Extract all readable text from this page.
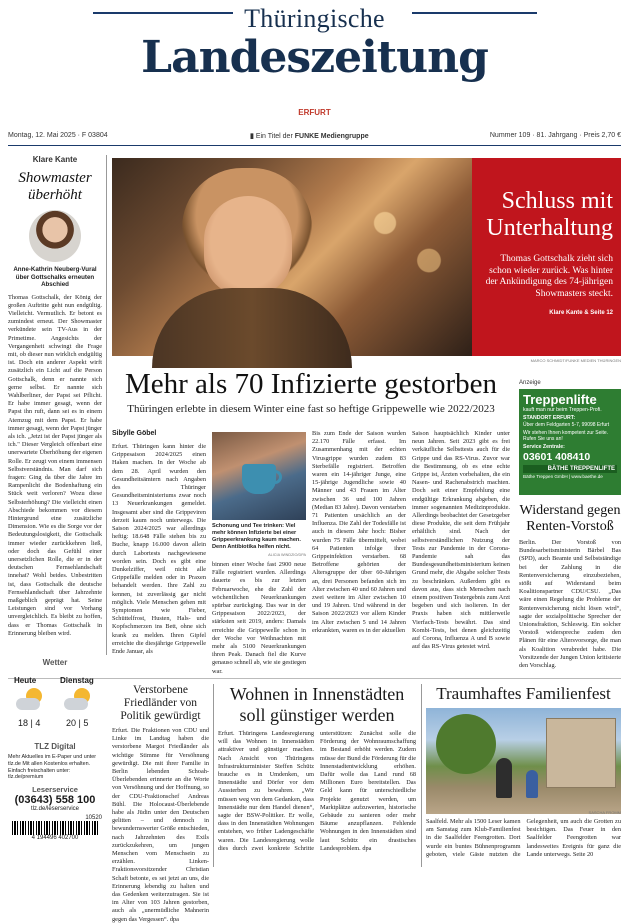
Thüringische
Landeszeitung
ERFURT
Montag, 12. Mai 2025 · F 03804	▮ Ein Titel der FUNKE Mediengruppe	Nummer 109 · 81. Jahrgang · Preis 2,70 €
Klare Kante
Showmaster überhöht
Anne-Kathrin Neuberg-Vural über Gottschalks erneuten Abschied
Thomas Gottschalk, der König der großen Auftritte geht nun endgültig. Vielleicht. Vermutlich. Er betont es zumindest erneut. Der Showmaster verkündete sein TV-Aus in der Primetime. Angesichts der Vergangenheit schwingt die Frage mit, ob dieser nun wirklich endgültig ist. Doch ein anderer Aspekt wirft zusätzlich ein Licht auf die Person Gottschalk, denn er nannte sich gerne selbst. Er nannte sich Wahlberliner, der Papst sei Pflicht. Er habe immer gesagt, wenn der Papst ihn ruft, dann sei es in einem Atemzug mit dem Papst. Er habe immer gesagt, wenn der Papst jünger als ich. „Jetzt ist der Papst jünger als ich." Dieser Vergleich offenbart eine unerwartete Überhöhung der eigenen Rolle. Er zeugt von einem immensen Selbstverständnis. Man darf sich fragen: Ging da über die Jahre im Rampenlicht die Bodenhaftung ein Stück weit verloren? Wozu diese Selbsterhöhung? Die vielleicht einen Abschiede bekommen vor diesem Hintergrund eine zusätzliche Dimension. Wie es die Sorge vor der Bedeutungslosigkeit, die Gottschalk immer wieder zurückkehren ließ, oder doch das Gefühl einer unersetzlichen Rolle, die er in der deutschen Fernsehlandschaft innehat? Wohl beides. Unbestritten ist, dass Gottschalk die deutsche Fernsehlandschaft über Jahrzehnte maßgeblich geprägt hat. Seine Leistungen sind vor Vorhang unvergleichlich. Es bleibt zu hoffen, dass er Thomas Gottschalk in Erinnerung bleiben wird.
Schluss mit Unterhaltung
Thomas Gottschalk zieht sich schon wieder zurück. Was hinter der Ankündigung des 74-jährigen Showmasters steckt.
Klare Kante & Seite 12
MARCO SCHMIDT/FUNKE MEDIEN THÜRINGEN
Mehr als 70 Infizierte gestorben
Thüringen erlebte in diesem Winter eine fast so heftige Grippewelle wie 2022/2023
Sibylle Göbel
Erfurt. Thüringen kann hinter die Grippesaison 2024/2025 einen Haken machen. In der Woche ab dem 28. April wurden den Gesundheitsämtern nach Angaben des Thüringer Gesundheitsministeriums zwar noch 13 Neuerkrankungen gemeldet. Insgesamt aber sind die Grippeviren derzeit kaum noch unterwegs. Die Saison 2024/2025 war allerdings heftig: 18.648 Fälle stehen bis zu Buche, knapp 16.000 davon allein durch Labortests nachgewiesene worden sein. Doch es gibt eine Dunkelziffer, weil nicht alle Grippefälle melden oder in Praxen behandelt werden. Ihre Zahl zu kennen, ist zuverlässig gar nicht möglich. Viele Menschen gehen mit Symptomen wie Fieber, Schüttelfrost, Husten, Hals- und Kopfschmerzen ins Bett, ohne sich krank zu melden. Ihren Gipfel erreichte die diesjährige Grippewelle Ende Januar, als
Schonung und Tee trinken: Viel mehr können Infizierte bei einer Grippeerkrankung kaum machen. Denn Antibiotika helfen nicht.
ALICIA WINDZIO/DPA
binnen einer Woche fast 2900 neue Fälle registriert wurden. Allerdings dauerte es bis zur letzten Februarwoche, ehe die Zahl der wöchentlichen Neuerkrankungen spürbar zurückging. Das war in der Grippesaison 2022/2023, der stärksten seit 2019, anders: Damals erreichte die Grippewelle schon in der Woche vor Weihnachten mit mehr als 5100 Neuerkrankungen ihren Peak. Danach fiel die Kurve genauso schnell ab, wie sie gestiegen war.
Bis zum Ende der Saison wurden 22.170 Fälle erfasst. Im Zusammenhang mit der echten Virusgrippe wurden zudem 83 Sterbefälle registriert. Betroffen waren ein 14-jähriger Junge, eine 15-jährige Jugendliche sowie 40 Männer und 43 Frauen im Alter zwischen 36 und 100 Jahren (Median 83 Jahre). Davon verstarben 71 Patienten ursächlich an der Influenza. Die Zahl der Todesfälle ist auch in diesem Jahr hoch: Bisher wurden 75 Fälle übermittelt, wobei 64 Patienten infolge ihrer Grippeinfektion verstarben. 68 Betroffene gehörten der Altersgruppe der über 60-Jährigen an, drei Personen befanden sich im Alter zwischen 40 und 60 Jahren und zwei weitere im Alter zwischen 10 und 19 Jahren. Und während in der Saison 2022/2023 vor allem Kinder im Alter zwischen 5 und 14 Jahren erkrankten, waren es in der aktuellen
Saison hauptsächlich Kinder unter neun Jahren. Seit 2023 gibt es frei verkäufliche Selbsttests auch für die Grippe und das RS-Virus. Zuvor war die Bestimmung, ob es eine echte Grippe ist, Ärzten vorbehalten, die ein Nasen- und Rachenabstrich machten. Doch seit einer Empfehlung eine endgültige Erkrankung abgeben, die immer sogenannten Medizinprodukte. Allerdings beobachtet der Gesetzgeber diese Produkte, die seit dem Frühjahr erhältlich sind. Nach der selbstverständlichen Nutzung der Tests zur Pandemie in der Corona-Pandemie sah das Bundesgesundheitsministerium keinen Grund mehr, die Abgabe solcher Tests zu beschränken. Außerdem gibt es davon aus, dass sich Menschen nach einem positiven Testergebnis zum Arzt begeben und sich isolieren. In der Praxis haben sich mittlerweile Vierfach-Tests bewährt. Das sind Kombi-Tests, bei denen gleichzeitig auf Corona, Influenza A und B sowie auf das RS-Virus getestet wird.
Anzeige
Treppenlifte
kauft man nur beim Treppen-Profi.
STANDORT ERFURT:
Über dem Feldgarten 5-7, 99098 Erfurt
Wir stehen Ihnen kompetent zur Seite. Rufen Sie uns an!
Service Zentrale:
03601 408410
BÄTHE TREPPENLIFTE
Bäthe Treppen GmbH | www.baethe.de
Widerstand gegen Renten-Vorstoß
Berlin. Der Vorstoß von Bundesarbeitsministerin Bärbel Bas (SPD), auch Beamte und Selbstständige bei der Zahlung in die Rentenversicherung einzubeziehen, stößt auf Widerstand beim Koalitionspartner CDU/CSU. „Das wäre einen Regelung die Probleme der Rentenversicherung nicht lösen wird“, sagte der sozialpolitische Sprecher der Unionsfraktion, Schleswig. Ein solcher Vorstoß widerspreche zudem den Plänen für eine Altersvorsorge, die man als Koalition verabredet habe. Die Vorsitzende der Jungen Union kritisierte den Vorschlag.
Wetter
Heute	Dienstag
18 | 4	20 | 5
TLZ Digital
Mehr Aktuelles im E-Paper und unter tlz.de Mit allen Kostenlos erhalten. Einfach freischalten unter: tlz.de/premium
Leserservice
(03643) 558 100
tlz.de/leserservice
10520
4 194496 402700
Verstorbene Friedländer von Politik gewürdigt
Erfurt. Die Fraktionen von CDU und Linke im Landtag haben die verstorbene Margot Friedländer als wichtige Stimme für Versöhnung gewürdigt. Die mit ihrer Familie in Berlin lebenden Schoah-Überlebenden erinnerte an die Worte von Versöhnung und der Hoffnung, so der CDU-Fraktionschef Andreas Bühl. Die Holocaust-Überlebende habe als Jüdin unter den Deutschen gelitten – und dennoch in bewundernswerter Größe entschieden, nach Jahrzehnten des Exils zurückzukehren, um jungen Menschen vom Menschsein zu erzählen. Linken-Fraktionsvorsitzender Christian Schaft betonte, es sei jetzt an uns, die Erinnerung lebendig zu halten und das Gedenken weiterzutragen. Sie ist im Alter von 103 Jahren gestorben, auch als „unermüdliche Mahnerin gegen das Vergessen“. dpa
Wohnen in Innenstädten soll günstiger werden
Erfurt. Thüringens Landesregierung will das Wohnen in Innenstädten attraktiver und günstiger machen. Nach Ansicht von Thüringens Infrastrukturminister Steffen Schütz brauche es in Umdenken, um Innenstädte und Dörfer vor dem Aussterben zu bewahren. „Wir müssen weg von dem Gedanken, dass Innenstädte nur dem Handel dienen“, sagte der BSW-Politiker. Er wolle, dass in den Innenstädten Wohnungen entstehen, wo früher Ladengeschäfte waren. Die Landesregierung wolle dies durch zwei konkrete Schritte unterstützen: Zunächst solle die Förderung der Wohnraumschaffung im Bestand erhöht werden. Zudem müsse der Bund die Förderung für die Innenstadtentwicklung erhöhen. Dafür wolle das Land rund 68 Millionen Euro bereitstellen. Das Geld kann für unterschiedliche Projekte genutzt werden, um Marktplätze aufzuwerten, historische Gebäude zu sanieren oder mehr Bäume anzupflanzen. Fehlende Wohnungen in den Innenstädten sind laut Schütz ein drastisches Landesproblem. dpa
Traumhaftes Familienfest
SASCHA FROMM
Saalfeld. Mehr als 1500 Leser kamen am Samstag zum Klub-Familienfest in die Saalfelder Feengrotten. Dort wurde ein buntes Bühnenprogramm geboten, viele Gäste nutzten die Gelegenheit, um auch die Grotten zu besichtigen. Das Feuer in den Saalfelder Feengrotten war landesweites Ereignis für ganz die Lande unterwegs. Seite 20
